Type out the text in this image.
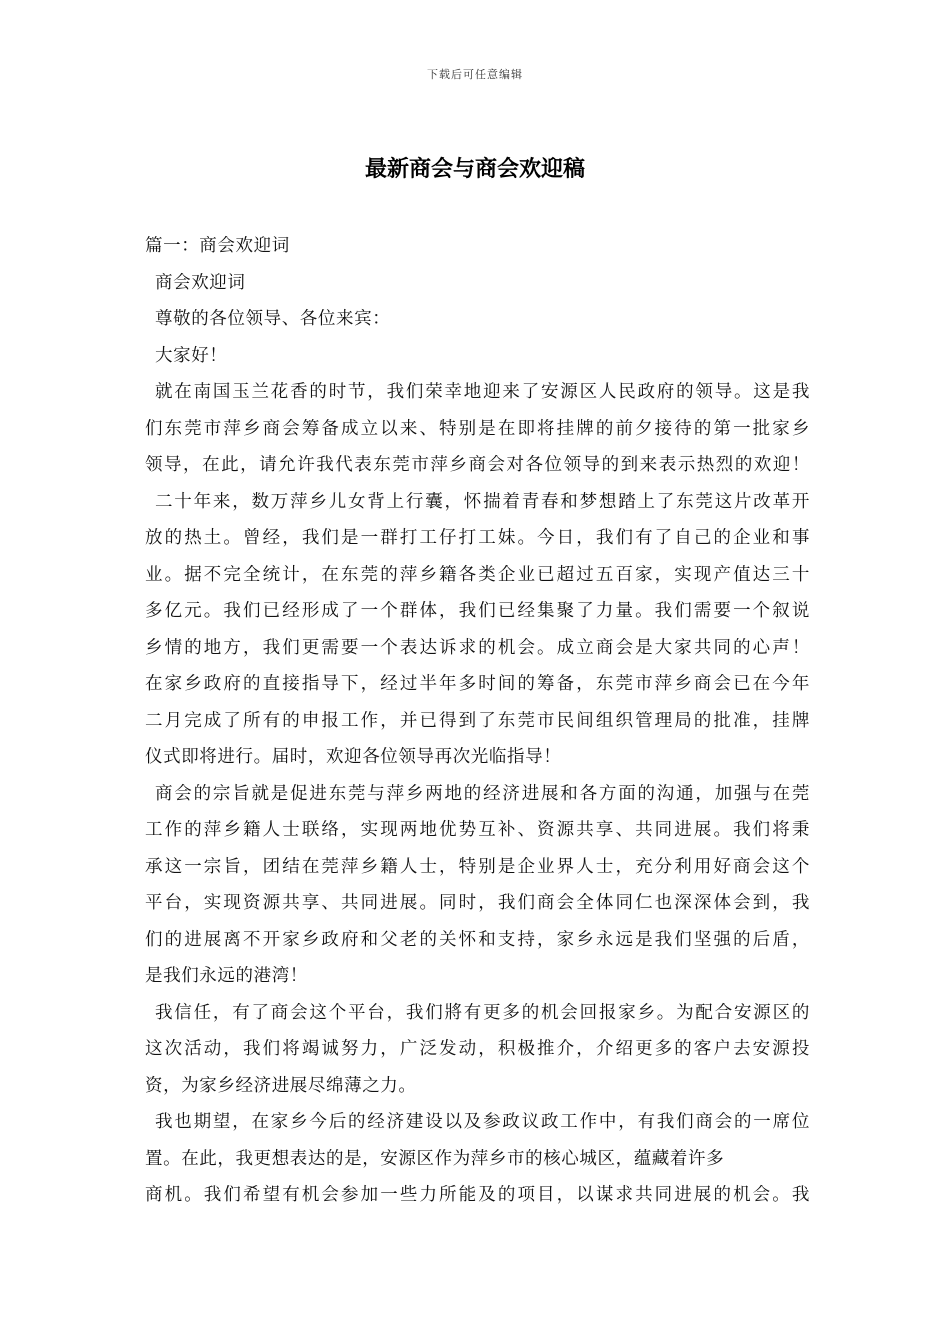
下载后可任意编辑
最新商会与商会欢迎稿
篇一：商会欢迎词
商会欢迎词
尊敬的各位领导、各位来宾：
大家好！
就在南国玉兰花香的时节，我们荣幸地迎来了安源区人民政府的领导。这是我
们东莞市萍乡商会筹备成立以来、特别是在即将挂牌的前夕接待的第一批家乡
领导，在此，请允许我代表东莞市萍乡商会对各位领导的到来表示热烈的欢迎！
二十年来，数万萍乡儿女背上行囊，怀揣着青春和梦想踏上了东莞这片改革开
放的热土。曾经，我们是一群打工仔打工妹。今日，我们有了自己的企业和事
业。据不完全统计，在东莞的萍乡籍各类企业已超过五百家，实现产值达三十
多亿元。我们已经形成了一个群体，我们已经集聚了力量。我们需要一个叙说
乡情的地方，我们更需要一个表达诉求的机会。成立商会是大家共同的心声！
在家乡政府的直接指导下，经过半年多时间的筹备，东莞市萍乡商会已在今年
二月完成了所有的申报工作，并已得到了东莞市民间组织管理局的批准，挂牌
仪式即将进行。届时，欢迎各位领导再次光临指导！
商会的宗旨就是促进东莞与萍乡两地的经济进展和各方面的沟通，加强与在莞
工作的萍乡籍人士联络，实现两地优势互补、资源共享、共同进展。我们将秉
承这一宗旨，团结在莞萍乡籍人士，特别是企业界人士，充分利用好商会这个
平台，实现资源共享、共同进展。同时，我们商会全体同仁也深深体会到，我
们的进展离不开家乡政府和父老的关怀和支持，家乡永远是我们坚强的后盾，
是我们永远的港湾！
我信任，有了商会这个平台，我们將有更多的机会回报家乡。为配合安源区的
这次活动，我们将竭诚努力，广泛发动，积极推介，介绍更多的客户去安源投
资，为家乡经济进展尽绵薄之力。
我也期望，在家乡今后的经济建设以及参政议政工作中，有我们商会的一席位
置。在此，我更想表达的是，安源区作为萍乡市的核心城区，蕴藏着许多
商机。我们希望有机会参加一些力所能及的项目，以谋求共同进展的机会。我
